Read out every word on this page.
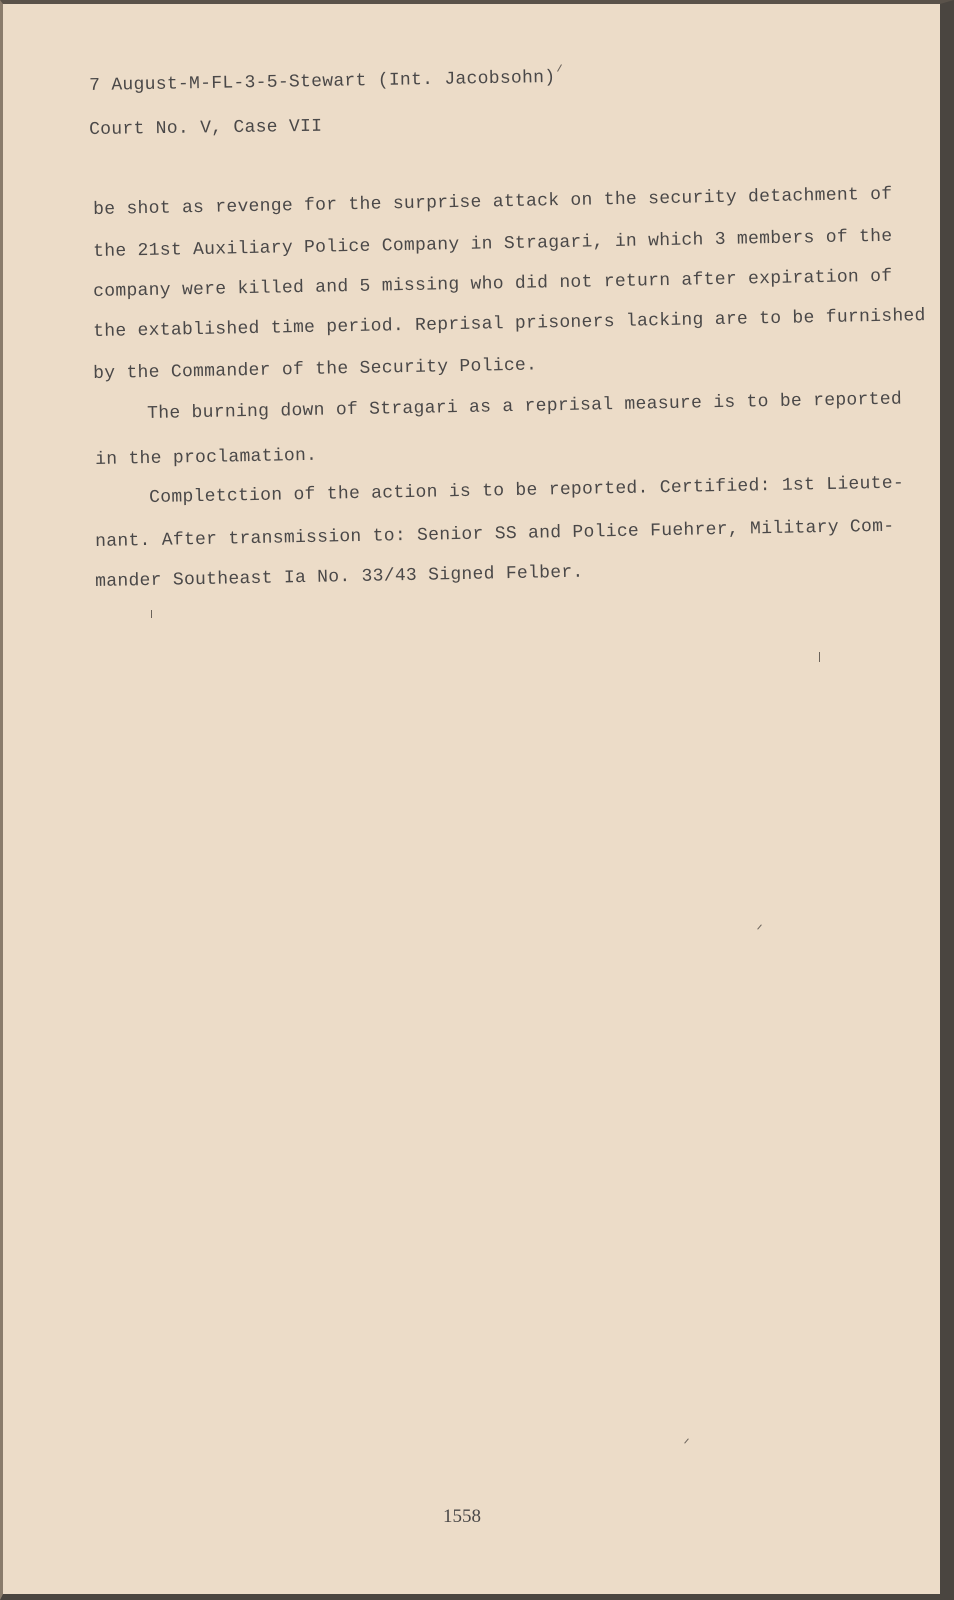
7 August-M-FL-3-5-Stewart (Int. Jacobsohn)
Court No. V, Case VII
be shot as revenge for the surprise attack on the security detachment of
the 21st Auxiliary Police Company in Stragari, in which 3 members of the
company were killed and 5 missing who did not return after expiration of
the extablished time period. Reprisal prisoners lacking are to be furnished
by the Commander of the Security Police.
The burning down of Stragari as a reprisal measure is to be reported
in the proclamation.
Completction of the action is to be reported. Certified: 1st Lieute-
nant. After transmission to: Senior SS and Police Fuehrer, Military Com-
mander Southeast Ia No. 33/43 Signed Felber.
1558
